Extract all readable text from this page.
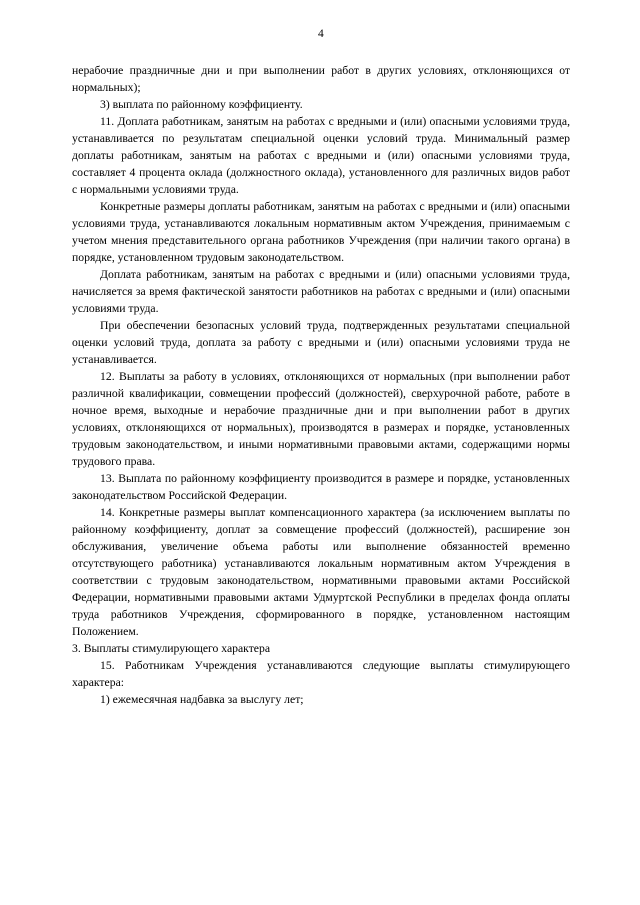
4

нерабочие праздничные дни и при выполнении работ в других условиях, отклоняющихся от нормальных);

3) выплата по районному коэффициенту.

11. Доплата работникам, занятым на работах с вредными и (или) опасными условиями труда, устанавливается по результатам специальной оценки условий труда. Минимальный размер доплаты работникам, занятым на работах с вредными и (или) опасными условиями труда, составляет 4 процента оклада (должностного оклада), установленного для различных видов работ с нормальными условиями труда.

Конкретные размеры доплаты работникам, занятым на работах с вредными и (или) опасными условиями труда, устанавливаются локальным нормативным актом Учреждения, принимаемым с учетом мнения представительного органа работников Учреждения (при наличии такого органа) в порядке, установленном трудовым законодательством.

Доплата работникам, занятым на работах с вредными и (или) опасными условиями труда, начисляется за время фактической занятости работников на работах с вредными и (или) опасными условиями труда.

При обеспечении безопасных условий труда, подтвержденных результатами специальной оценки условий труда, доплата за работу с вредными и (или) опасными условиями труда не устанавливается.

12. Выплаты за работу в условиях, отклоняющихся от нормальных (при выполнении работ различной квалификации, совмещении профессий (должностей), сверхурочной работе, работе в ночное время, выходные и нерабочие праздничные дни и при выполнении работ в других условиях, отклоняющихся от нормальных), производятся в размерах и порядке, установленных трудовым законодательством, и иными нормативными правовыми актами, содержащими нормы трудового права.

13. Выплата по районному коэффициенту производится в размере и порядке, установленных законодательством Российской Федерации.

14. Конкретные размеры выплат компенсационного характера (за исключением выплаты по районному коэффициенту, доплат за совмещение профессий (должностей), расширение зон обслуживания, увеличение объема работы или выполнение обязанностей временно отсутствующего работника) устанавливаются локальным нормативным актом Учреждения в соответствии с трудовым законодательством, нормативными правовыми актами Российской Федерации, нормативными правовыми актами Удмуртской Республики в пределах фонда оплаты труда работников Учреждения, сформированного в порядке, установленном настоящим Положением.

3. Выплаты стимулирующего характера

15. Работникам Учреждения устанавливаются следующие выплаты стимулирующего характера:

1) ежемесячная надбавка за выслугу лет;
